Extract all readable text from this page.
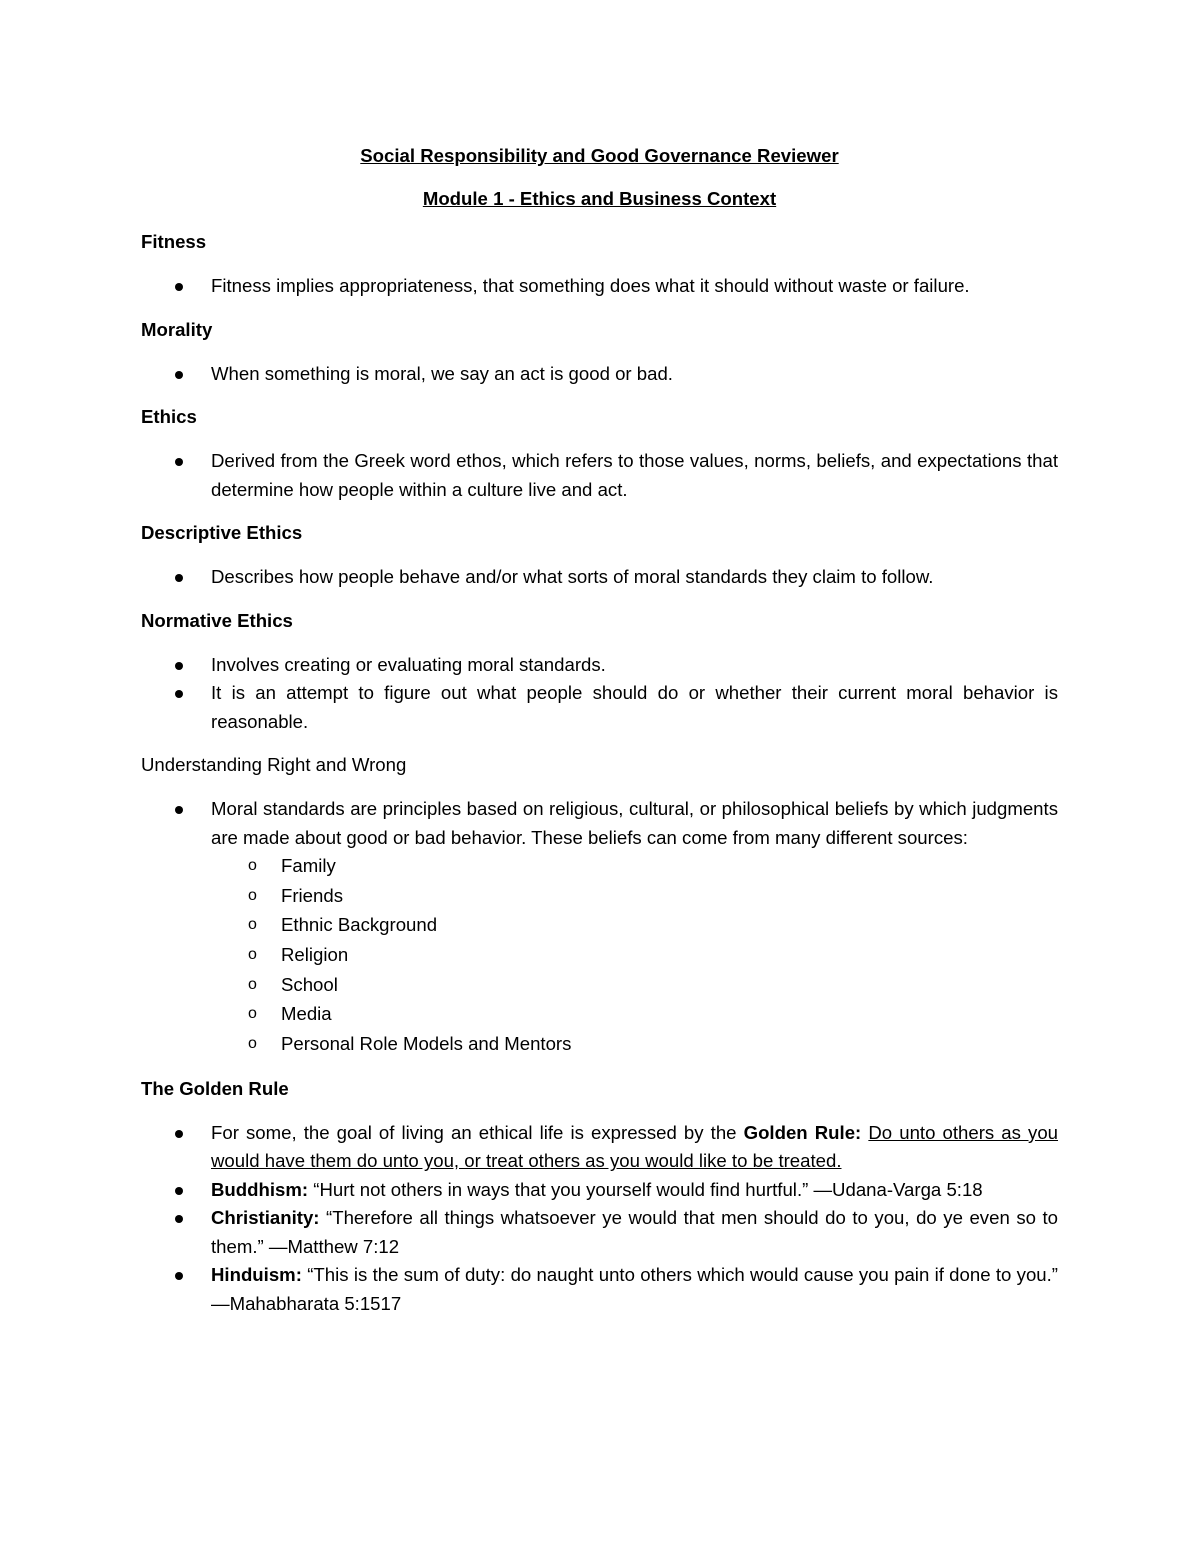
Social Responsibility and Good Governance Reviewer
Module 1 - Ethics and Business Context
Fitness
Fitness implies appropriateness, that something does what it should without waste or failure.
Morality
When something is moral, we say an act is good or bad.
Ethics
Derived from the Greek word ethos, which refers to those values, norms, beliefs, and expectations that determine how people within a culture live and act.
Descriptive Ethics
Describes how people behave and/or what sorts of moral standards they claim to follow.
Normative Ethics
Involves creating or evaluating moral standards.
It is an attempt to figure out what people should do or whether their current moral behavior is reasonable.
Understanding Right and Wrong
Moral standards are principles based on religious, cultural, or philosophical beliefs by which judgments are made about good or bad behavior. These beliefs can come from many different sources:
o Family
o Friends
o Ethnic Background
o Religion
o School
o Media
o Personal Role Models and Mentors
The Golden Rule
For some, the goal of living an ethical life is expressed by the Golden Rule: Do unto others as you would have them do unto you, or treat others as you would like to be treated.
Buddhism: “Hurt not others in ways that you yourself would find hurtful.” —Udana-Varga 5:18
Christianity: “Therefore all things whatsoever ye would that men should do to you, do ye even so to them.” —Matthew 7:12
Hinduism: “This is the sum of duty: do naught unto others which would cause you pain if done to you.” —Mahabharata 5:1517
